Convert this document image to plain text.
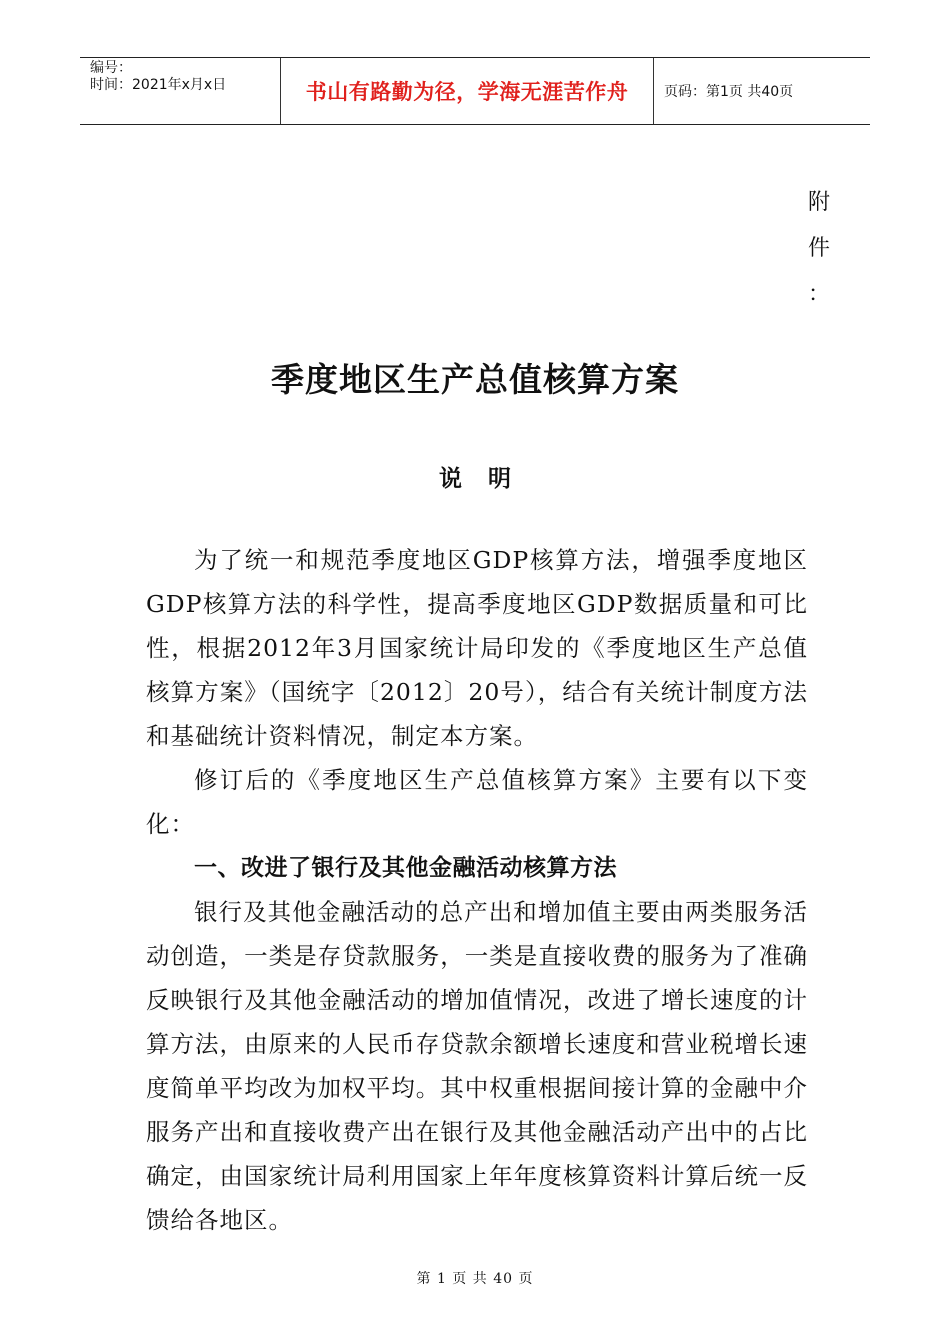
编号：
时间：2021年x月x日	书山有路勤为径，学海无涯苦作舟	页码：第1页 共40页
附
件
：
季度地区生产总值核算方案
说明
为了统一和规范季度地区GDP核算方法，增强季度地区GDP核算方法的科学性，提高季度地区GDP数据质量和可比性，根据2012年3月国家统计局印发的《季度地区生产总值核算方案》（国统字〔2012〕20号），结合有关统计制度方法和基础统计资料情况，制定本方案。
修订后的《季度地区生产总值核算方案》主要有以下变化：
一、改进了银行及其他金融活动核算方法
银行及其他金融活动的总产出和增加值主要由两类服务活动创造，一类是存贷款服务，一类是直接收费的服务为了准确反映银行及其他金融活动的增加值情况，改进了增长速度的计算方法，由原来的人民币存贷款余额增长速度和营业税增长速度简单平均改为加权平均。其中权重根据间接计算的金融中介服务产出和直接收费产出在银行及其他金融活动产出中的占比确定，由国家统计局利用国家上年年度核算资料计算后统一反馈给各地区。
第 1 页 共 40 页
